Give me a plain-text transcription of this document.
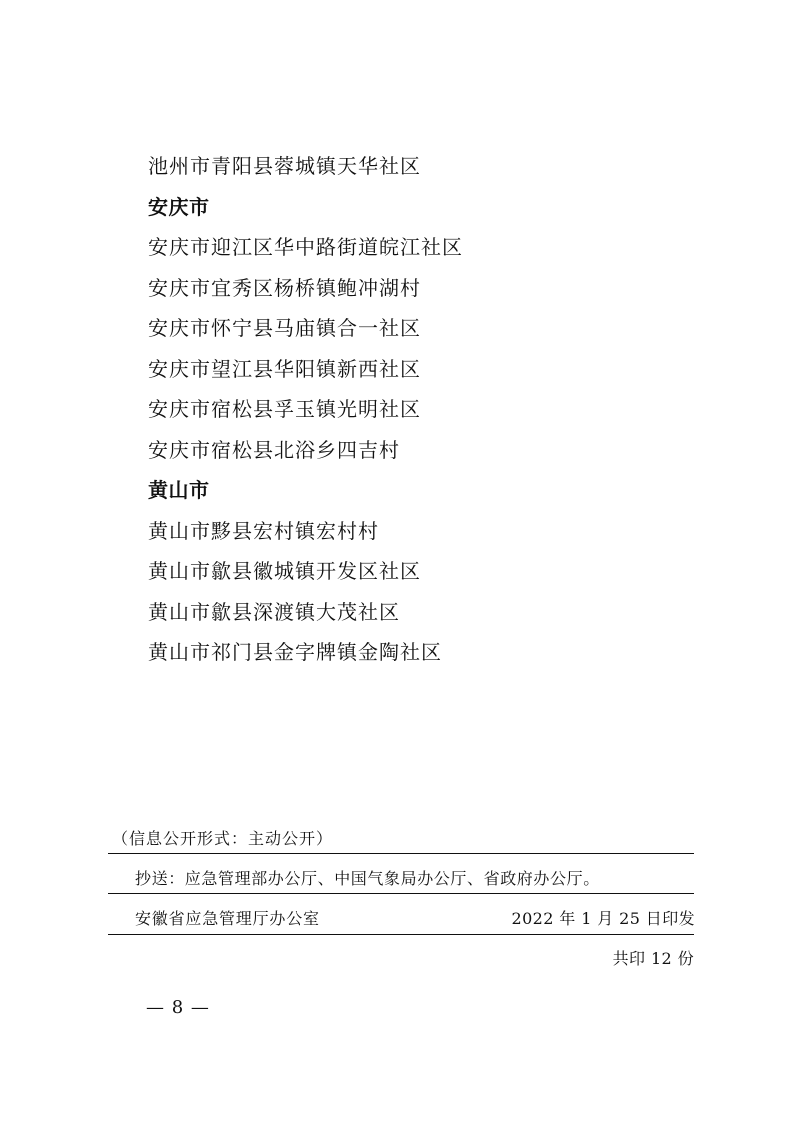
池州市青阳县蓉城镇天华社区
安庆市
安庆市迎江区华中路街道皖江社区
安庆市宜秀区杨桥镇鲍冲湖村
安庆市怀宁县马庙镇合一社区
安庆市望江县华阳镇新西社区
安庆市宿松县孚玉镇光明社区
安庆市宿松县北浴乡四吉村
黄山市
黄山市黟县宏村镇宏村村
黄山市歙县徽城镇开发区社区
黄山市歙县深渡镇大茂社区
黄山市祁门县金字牌镇金陶社区
（信息公开形式：主动公开）
抄送：应急管理部办公厅、中国气象局办公厅、省政府办公厅。
安徽省应急管理厅办公室	2022 年 1 月 25 日印发
共印 12 份
— 8 —
